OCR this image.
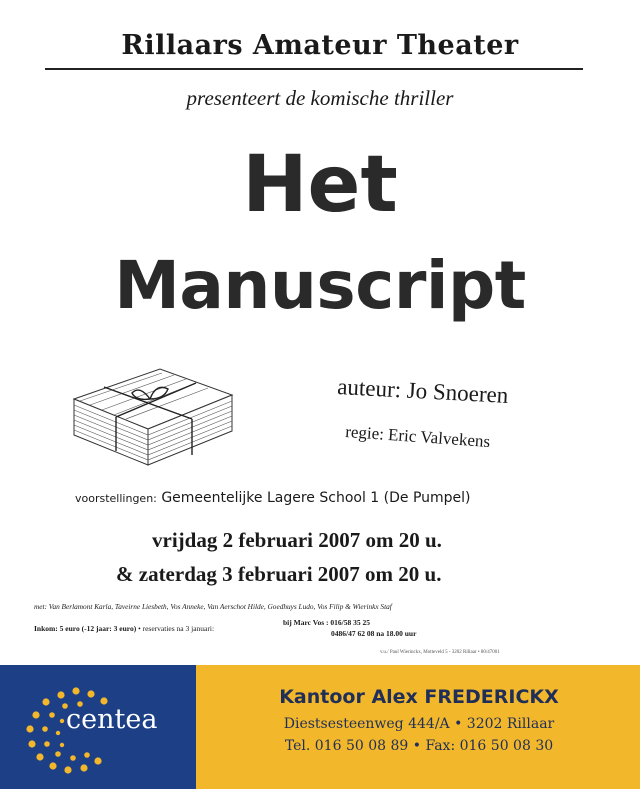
Rillaars Amateur Theater
presenteert de komische thriller
Het
Manuscript
auteur: Jo Snoeren
regie: Eric Valvekens
voorstellingen: Gemeentelijke Lagere School 1 (De Pumpel)
vrijdag 2 februari 2007 om 20 u.
& zaterdag 3 februari 2007 om 20 u.
met: Van Berlamont Karla, Taveirne Liesbeth, Vos Anneke, Van Aerschot Hilde, Goedhuys Ludo, Vos Filip & Wierinkx Staf
Inkom: 5 euro (-12 jaar: 3 euro) • reservaties na 3 januari:
bij Marc Vos : 016/58 35 25
0486/47 62 08 na 18.00 uur
v.u./ Paul Wierinckx, Motteveld 5 - 3202 Rillaar • 80/47001
centea
Kantoor Alex FREDERICKX
Diestsesteenweg 444/A • 3202 Rillaar
Tel. 016 50 08 89 • Fax: 016 50 08 30
